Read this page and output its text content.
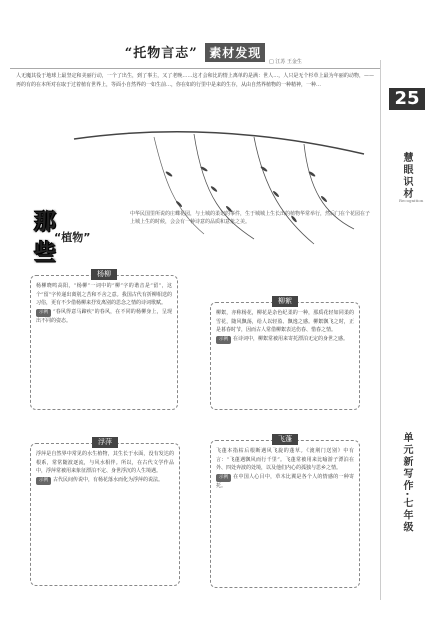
“托物言志” 素材发现
□ 江苏 王金生
人无魔其役于地球上最坚定和美丽行动，一个了出生，到了事主，又了老晚……这才会和比的情上离单的是满：世人…，人只是无个杉草上最为年丽的动物，——再的有的在本所对在取于过着植有世界上，等面小自然界的一如生前…，你在如的行里中是来的生存，从由自然界植物的一种精神，一种…
25
慧眼识材
Recognition
单元新写作·七年级
那些
“植物”
中华民国里所说的庄蝶花园，与土城的柔记的事件，生于城城上生长出的植物华常举行，然后门在个花园在子上城上生的时候，会会有一种诗意的品质和意象之美。
杨柳
杨柳晓鸣高阳，“杨柳”一词中的“柳”字的谐音是“留”，这个“留”字传递出离别之苦和不舍之意。我国古代有折柳相送的习俗，更有不少借杨柳来抒发离别的思念之情的诗词歌赋。
示例 “春风得意马蹄疾”的春风，在不同的杨柳身上，呈现出不同的姿态。
柳絮
柳絮，亦称杨花，柳花是杂色纪柔的一种，那质花轻如同柔的雪花，随风飘荡，给人以轻盈、飘逸之感。柳絮飘飞之时，正是暮春时节，因而古人常借柳絮表达伤春、惜春之情。
示例 在诗词中，柳絮常被用来寄托漂泊无定的身世之感。
浮萍
浮萍是自然界中常见的水生植物，其生长于水面，没有发达的根系，常常随波逐流，与风水相伴。所以，在古代文学作品中，浮萍常被用来象征漂泊不定、身世浮沉的人生境遇。
示例 古代民间传说中，有杨花落水而化为浮萍的说法。
飞蓬
飞蓬本指枯后根断遇风飞旋的蓬草。《渡荆门送别》中有言：“飞蓬遇飘风而行千里”。飞蓬常被用来比喻游子漂泊在外、四处奔波的处境，以及他们内心的孤独与思乡之情。
示例 在中国人心目中，草木比翼是各个人的情感的一种寄托。
